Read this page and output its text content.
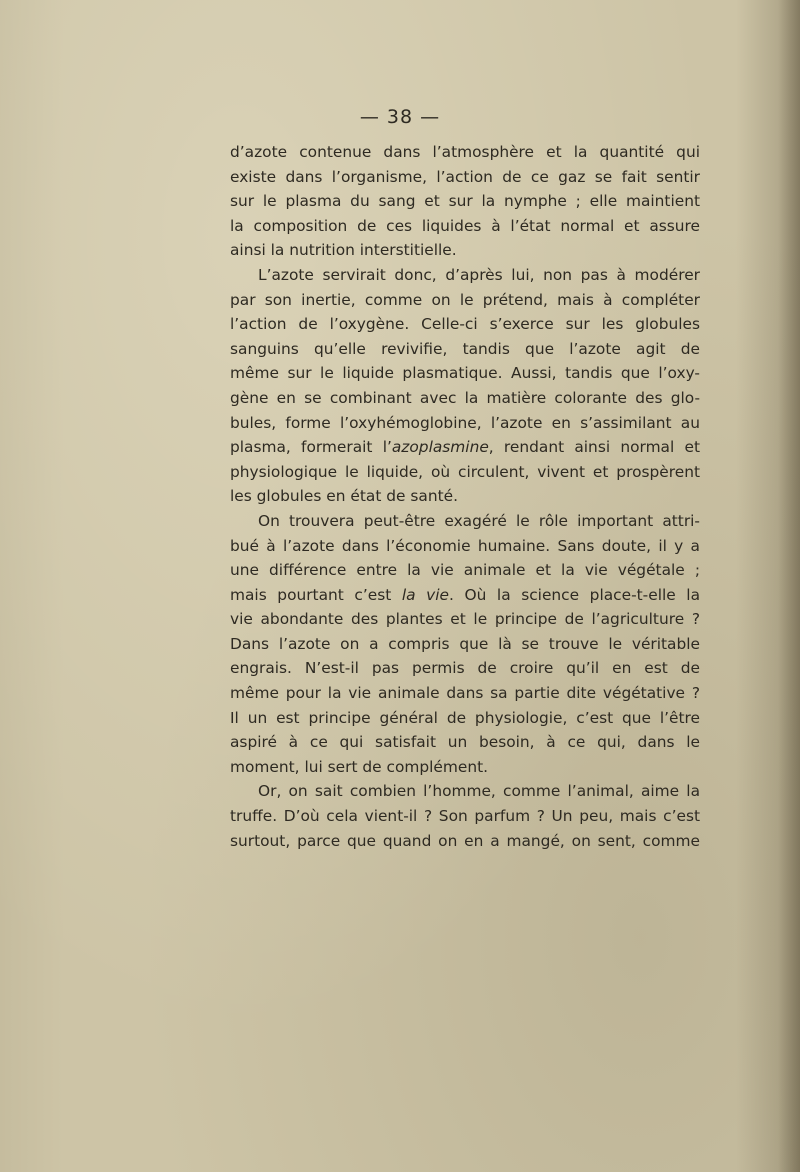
— 38 —

d’azote contenue dans l’atmosphère et la quantité qui
existe dans l’organisme, l’action de ce gaz se fait sentir
sur le plasma du sang et sur la nymphe ; elle maintient
la composition de ces liquides à l’état normal et assure
ainsi la nutrition interstitielle.

L’azote servirait donc, d’après lui, non pas à modérer
par son inertie, comme on le prétend, mais à compléter
l’action de l’oxygène. Celle-ci s’exerce sur les globules
sanguins qu’elle revivifie, tandis que l’azote agit de
même sur le liquide plasmatique. Aussi, tandis que l’oxy-
gène en se combinant avec la matière colorante des glo-
bules, forme l’oxyhémoglobine, l’azote en s’assimilant au
plasma, formerait l’azoplasmine, rendant ainsi normal et
physiologique le liquide, où circulent, vivent et prospèrent
les globules en état de santé.

On trouvera peut-être exagéré le rôle important attri-
bué à l’azote dans l’économie humaine. Sans doute, il y a
une différence entre la vie animale et la vie végétale ;
mais pourtant c’est la vie. Où la science place-t-elle la
vie abondante des plantes et le principe de l’agriculture ?
Dans l’azote on a compris que là se trouve le véritable
engrais. N’est-il pas permis de croire qu’il en est de
même pour la vie animale dans sa partie dite végétative ?
Il un est principe général de physiologie, c’est que l’être
aspiré à ce qui satisfait un besoin, à ce qui, dans le
moment, lui sert de complément.

Or, on sait combien l’homme, comme l’animal, aime la
truffe. D’où cela vient-il ? Son parfum ? Un peu, mais c’est
surtout, parce que quand on en a mangé, on sent, comme
